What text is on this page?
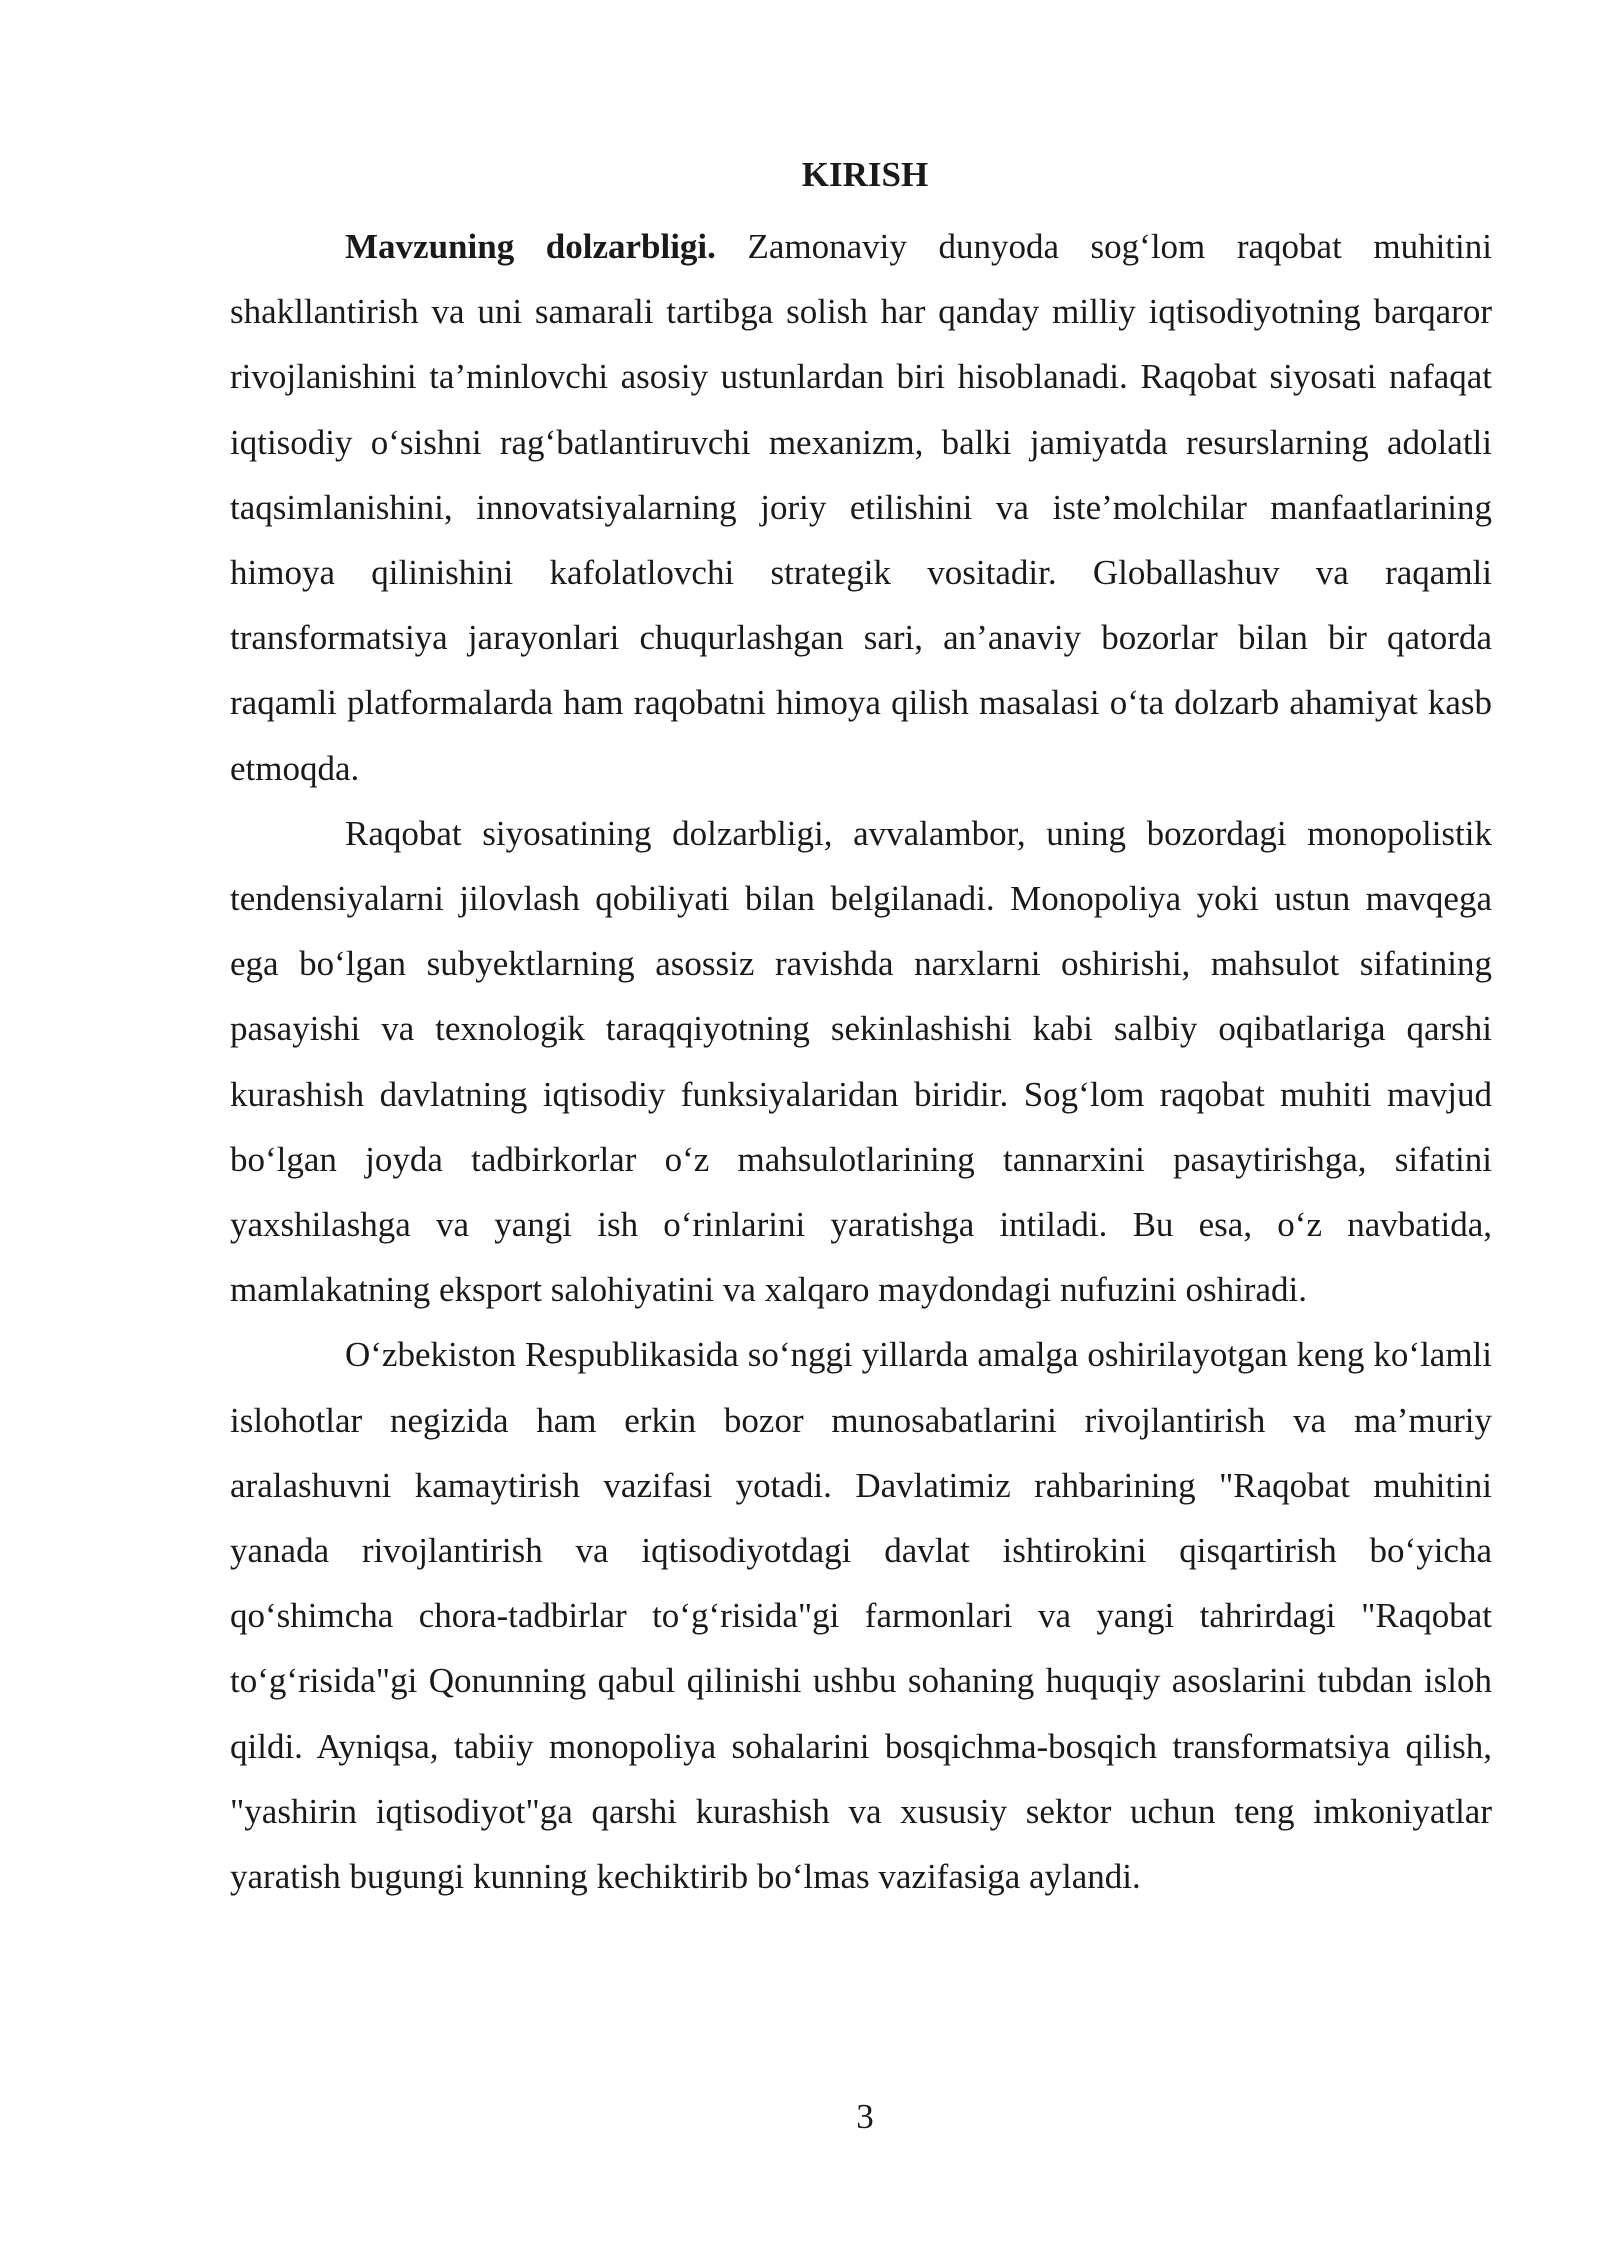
KIRISH

Mavzuning dolzarbligi. Zamonaviy dunyoda sog‘lom raqobat muhitini shakllantirish va uni samarali tartibga solish har qanday milliy iqtisodiyotning barqaror rivojlanishini ta’minlovchi asosiy ustunlardan biri hisoblanadi. Raqobat siyosati nafaqat iqtisodiy o‘sishni rag‘batlantiruvchi mexanizm, balki jamiyatda resurslarning adolatli taqsimlanishini, innovatsiyalarning joriy etilishini va iste’molchilar manfaatlarining himoya qilinishini kafolatlovchi strategik vositadir. Globallashuv va raqamli transformatsiya jarayonlari chuqurlashgan sari, an’anaviy bozorlar bilan bir qatorda raqamli platformalarda ham raqobatni himoya qilish masalasi o‘ta dolzarb ahamiyat kasb etmoqda.

Raqobat siyosatining dolzarbligi, avvalambor, uning bozordagi monopolistik tendensiyalarni jilovlash qobiliyati bilan belgilanadi. Monopoliya yoki ustun mavqega ega bo‘lgan subyektlarning asossiz ravishda narxlarni oshirishi, mahsulot sifatining pasayishi va texnologik taraqqiyotning sekinlashishi kabi salbiy oqibatlariga qarshi kurashish davlatning iqtisodiy funksiyalaridan biridir. Sog‘lom raqobat muhiti mavjud bo‘lgan joyda tadbirkorlar o‘z mahsulotlarining tannarxini pasaytirishga, sifatini yaxshilashga va yangi ish o‘rinlarini yaratishga intiladi. Bu esa, o‘z navbatida, mamlakatning eksport salohiyatini va xalqaro maydondagi nufuzini oshiradi.

O‘zbekiston Respublikasida so‘nggi yillarda amalga oshirilayotgan keng ko‘lamli islohotlar negizida ham erkin bozor munosabatlarini rivojlantirish va ma’muriy aralashuvni kamaytirish vazifasi yotadi. Davlatimiz rahbarining "Raqobat muhitini yanada rivojlantirish va iqtisodiyotdagi davlat ishtirokini qisqartirish bo‘yicha qo‘shimcha chora-tadbirlar to‘g‘risida"gi farmonlari va yangi tahrirdagi "Raqobat to‘g‘risida"gi Qonunning qabul qilinishi ushbu sohaning huquqiy asoslarini tubdan isloh qildi. Ayniqsa, tabiiy monopoliya sohalarini bosqichma-bosqich transformatsiya qilish, "yashirin iqtisodiyot"ga qarshi kurashish va xususiy sektor uchun teng imkoniyatlar yaratish bugungi kunning kechiktirib bo‘lmas vazifasiga aylandi.

3
